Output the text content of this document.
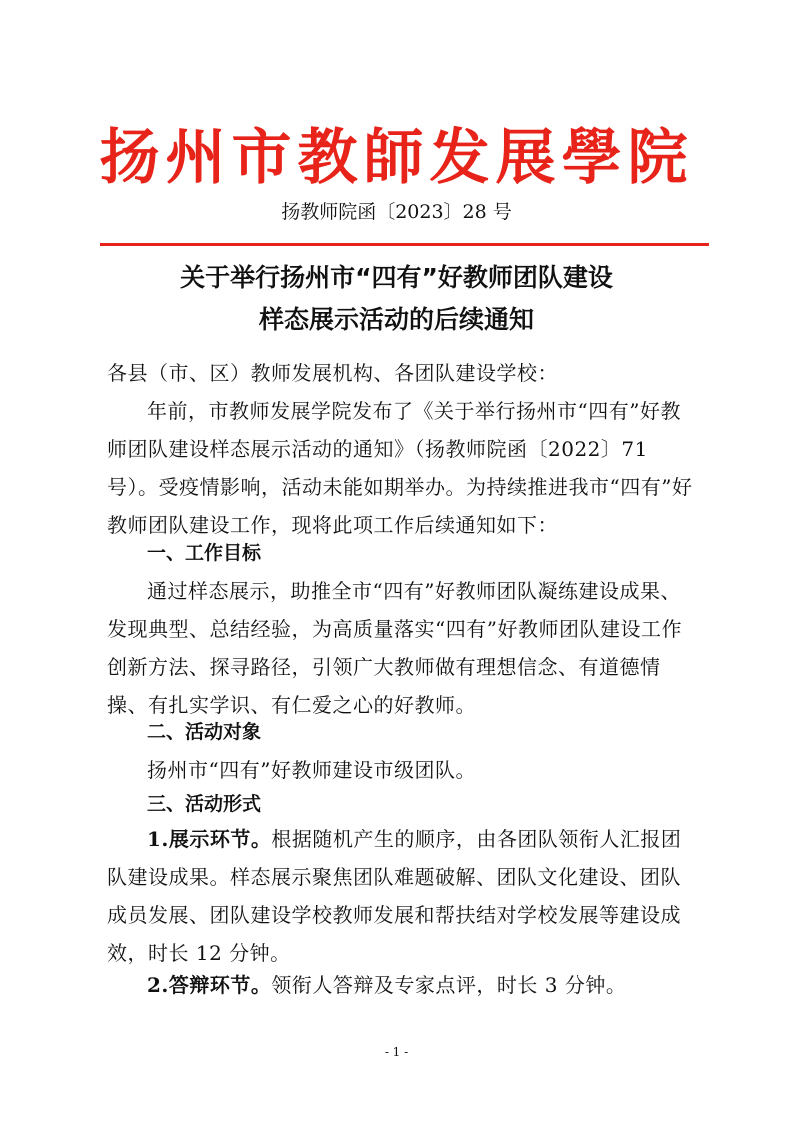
扬州市教師发展學院
扬教师院函〔2023〕28 号
关于举行扬州市“四有”好教师团队建设
样态展示活动的后续通知
各县（市、区）教师发展机构、各团队建设学校：
年前，市教师发展学院发布了《关于举行扬州市“四有”好教师团队建设样态展示活动的通知》（扬教师院函〔2022〕71 号）。受疫情影响，活动未能如期举办。为持续推进我市“四有”好教师团队建设工作，现将此项工作后续通知如下：
一、工作目标
通过样态展示，助推全市“四有”好教师团队凝练建设成果、发现典型、总结经验，为高质量落实“四有”好教师团队建设工作创新方法、探寻路径，引领广大教师做有理想信念、有道德情操、有扎实学识、有仁爱之心的好教师。
二、活动对象
扬州市“四有”好教师建设市级团队。
三、活动形式
1.展示环节。根据随机产生的顺序，由各团队领衔人汇报团队建设成果。样态展示聚焦团队难题破解、团队文化建设、团队成员发展、团队建设学校教师发展和帮扶结对学校发展等建设成效，时长 12 分钟。
2.答辩环节。领衔人答辩及专家点评，时长 3 分钟。
- 1 -
